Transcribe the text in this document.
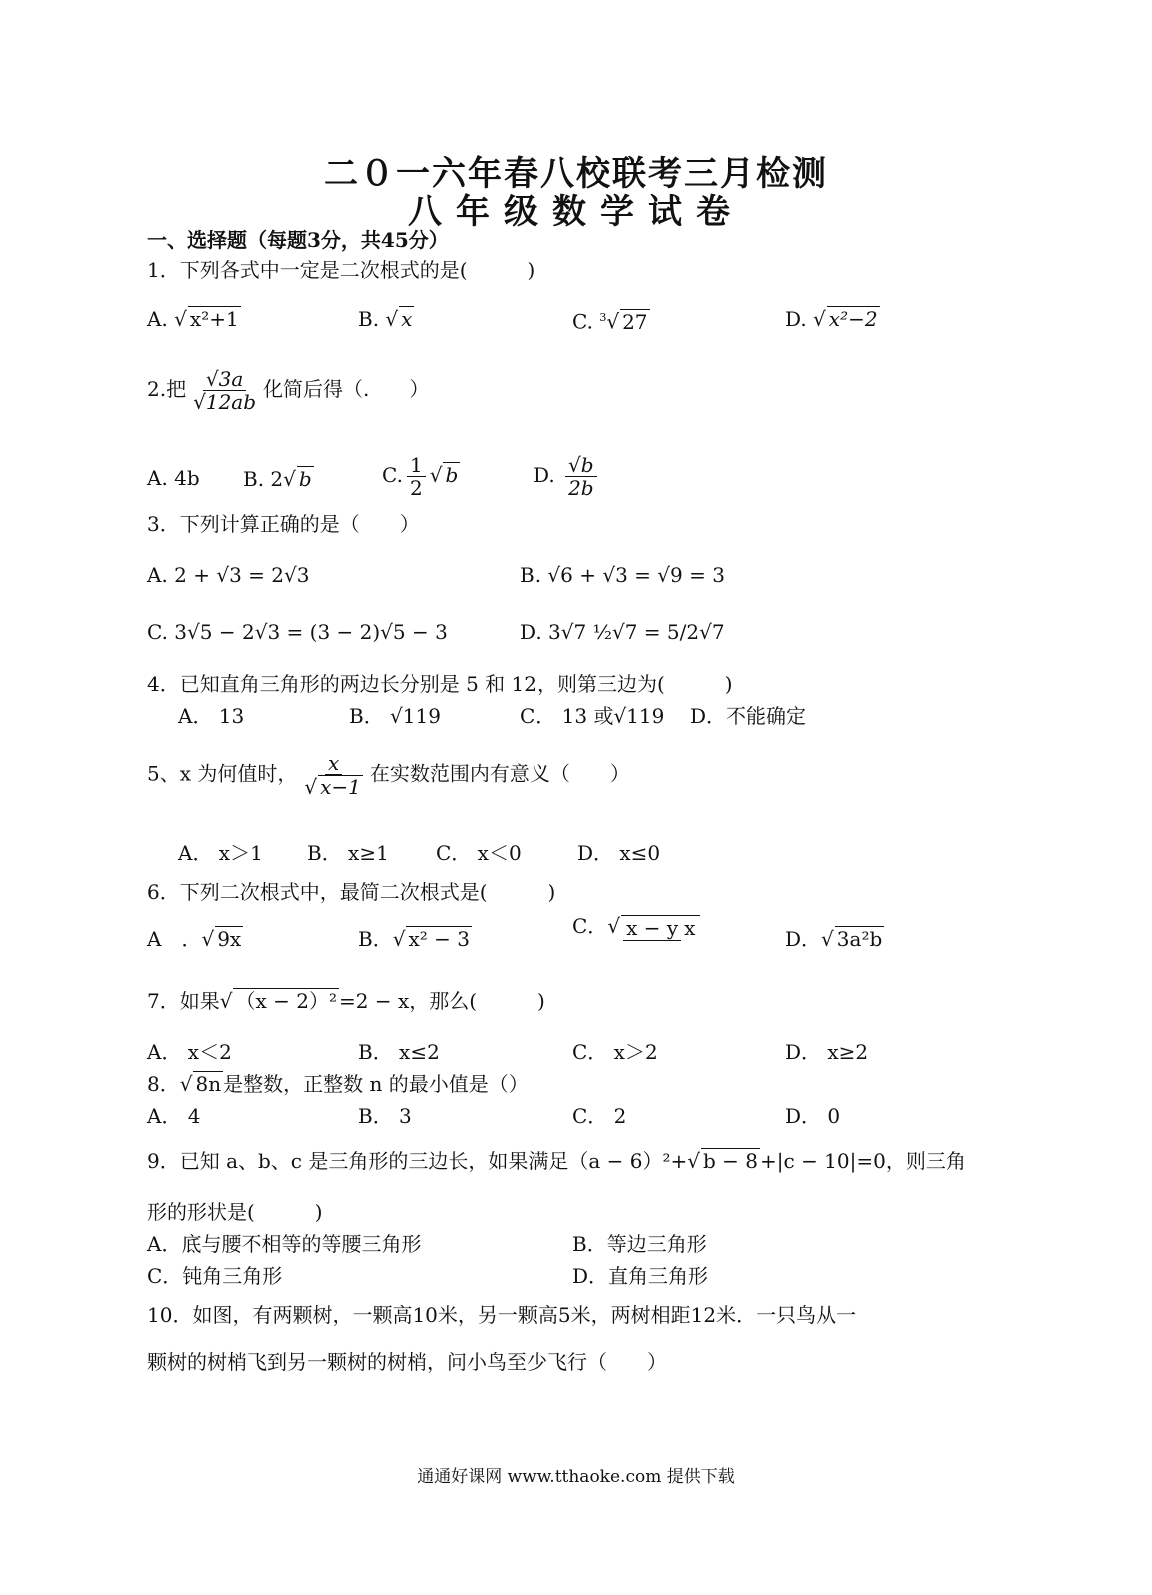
二０一六年春八校联考三月检测
八年级数学试卷
一、选择题（每题3分，共45分）
1．下列各式中一定是二次根式的是(　　　)
A. √ x²+1	B. √ x	C. $^3$√ 27	D. √ x²−2
2.把 $\frac{√3a}{√12ab}$ 化简后得（.　　）
A. 4b B. 2√ b	C. $\frac{1}{2}$ √ b	D. $\frac{√b}{2b}$
3．下列计算正确的是（　　）
A. 2 + √3 = 2√3	B. √6 + √3 = √9 = 3
C. 3√5 − 2√3 = (3 − 2)√5 − 3	D. 3√7 ½√7 = 5/2√7
4．已知直角三角形的两边长分别是 5 和 12，则第三边为(　　　)
A． 13	B． √119	C． 13 或√119 D．不能确定
5、x 为何值时， $\frac{x}{√ x-1}$ 在实数范围内有意义（　　）
A． x＞1 B． x≥1 C． x＜0	D． x≤0
6．下列二次根式中，最简二次根式是(　　　)
A　．√ 9x	B．√ x² − 3
C．√ x − y x	D．√ 3a²b
7．如果√ （x − 2）² =2 − x，那么(　　　)
A． x＜2	B． x≤2	C． x＞2	D． x≥2
8．√ 8n 是整数，正整数 n 的最小值是（）
A． 4	B． 3	C． 2	D． 0
9．已知 a、b、c 是三角形的三边长，如果满足（a − 6）²+√ b − 8 +|c − 10|=0，则三角
形的形状是(　　　)
A．底与腰不相等的等腰三角形	B．等边三角形
C．钝角三角形	D．直角三角形
10．如图，有两颗树，一颗高10米，另一颗高5米，两树相距12米．一只鸟从一
颗树的树梢飞到另一颗树的树梢，问小鸟至少飞行（　　）
通通好课网 www.tthaoke.com 提供下载
